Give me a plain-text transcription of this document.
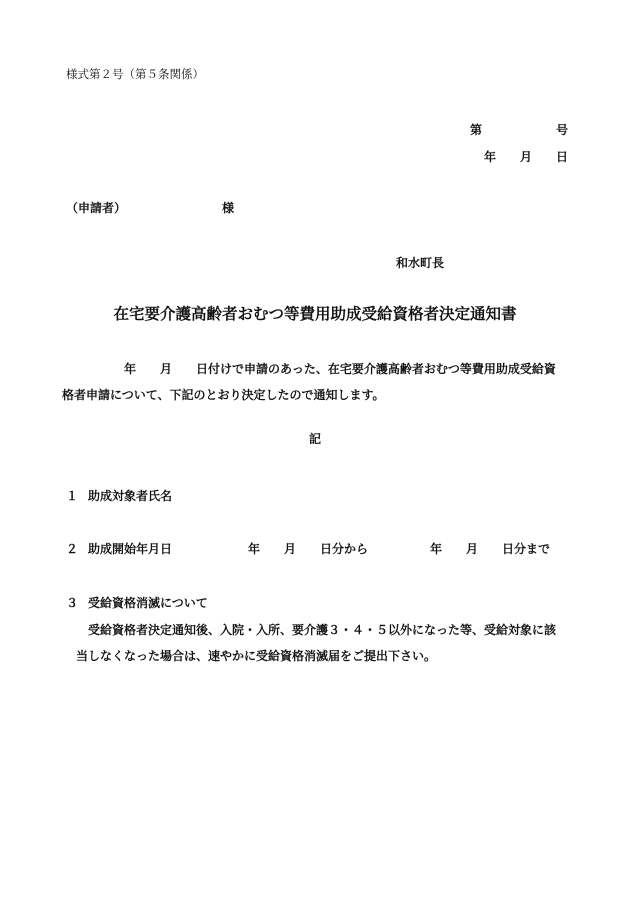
様式第２号（第５条関係）
第	号
年 月 日
（申請者）	様
和水町長
在宅要介護高齢者おむつ等費用助成受給資格者決定通知書
年 月 日付けで申請のあった、在宅要介護高齢者おむつ等費用助成受給資
格者申請について、下記のとおり決定したので通知します。
記
１ 助成対象者氏名
２ 助成開始年月日	年 月 日分から	年 月 日分まで
３ 受給資格消滅について
受給資格者決定通知後、入院・入所、要介護３・４・５以外になった等、受給対象に該
当しなくなった場合は、速やかに受給資格消滅届をご提出下さい。
